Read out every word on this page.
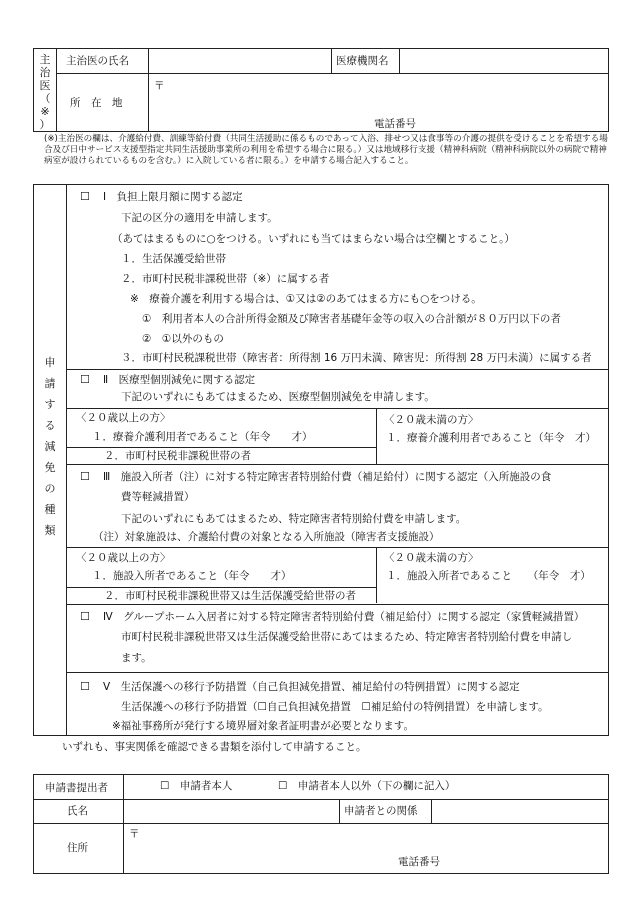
主
治
医
（
※
）
主治医の氏名	医療機関名
所　在　地
〒
電話番号
(※)主治医の欄は、介護給付費、訓練等給付費（共同生活援助に係るものであって入浴、排せつ又は食事等の介護の提供を受けることを希望する場合及び日中サービス支援型指定共同生活援助事業所の利用を希望する場合に限る。）又は地域移行支援（精神科病院（精神科病院以外の病院で精神病室が設けられているものを含む。）に入院している者に限る。）を申請する場合記入すること。
申
請
す
る
減
免
の
種
類
☐ Ⅰ　負担上限月額に関する認定
下記の区分の適用を申請します。
（あてはまるものに○をつける。いずれにも当てはまらない場合は空欄とすること。）
１．生活保護受給世帯
２．市町村民税非課税世帯（※）に属する者
※　療養介護を利用する場合は、①又は②のあてはまる方にも○をつける。
①　利用者本人の合計所得金額及び障害者基礎年金等の収入の合計額が８０万円以下の者
②　①以外のもの
３．市町村民税課税世帯（障害者：所得割 16 万円未満、障害児：所得割 28 万円未満）に属する者
☐ Ⅱ　医療型個別減免に関する認定
下記のいずれにもあてはまるため、医療型個別減免を申請します。
〈２０歳以上の方〉
１．療養介護利用者であること（年令　　才）
２．市町村民税非課税世帯の者
〈２０歳未満の方〉
１．療養介護利用者であること（年令　才）
☐ Ⅲ　施設入所者（注）に対する特定障害者特別給付費（補足給付）に関する認定（入所施設の食
費等軽減措置）
下記のいずれにもあてはまるため、特定障害者特別給付費を申請します。
（注）対象施設は、介護給付費の対象となる入所施設（障害者支援施設）
〈２０歳以上の方〉
１．施設入所者であること（年令　　才）
２．市町村民税非課税世帯又は生活保護受給世帯の者
〈２０歳未満の方〉
１．施設入所者であること　　（年令　才）
☐ Ⅳ　グループホーム入居者に対する特定障害者特別給付費（補足給付）に関する認定（家賃軽減措置）
市町村民税非課税世帯又は生活保護受給世帯にあてはまるため、特定障害者特別給付費を申請し
ます。
☐ Ⅴ　生活保護への移行予防措置（自己負担減免措置、補足給付の特例措置）に関する認定
生活保護への移行予防措置（☐自己負担減免措置　☐補足給付の特例措置）を申請します。
※福祉事務所が発行する境界層対象者証明書が必要となります。
いずれも、事実関係を確認できる書類を添付して申請すること。
申請書提出者	☐　申請者本人	☐　申請者本人以外（下の欄に記入）
氏名	申請者との関係
住所
〒
電話番号
